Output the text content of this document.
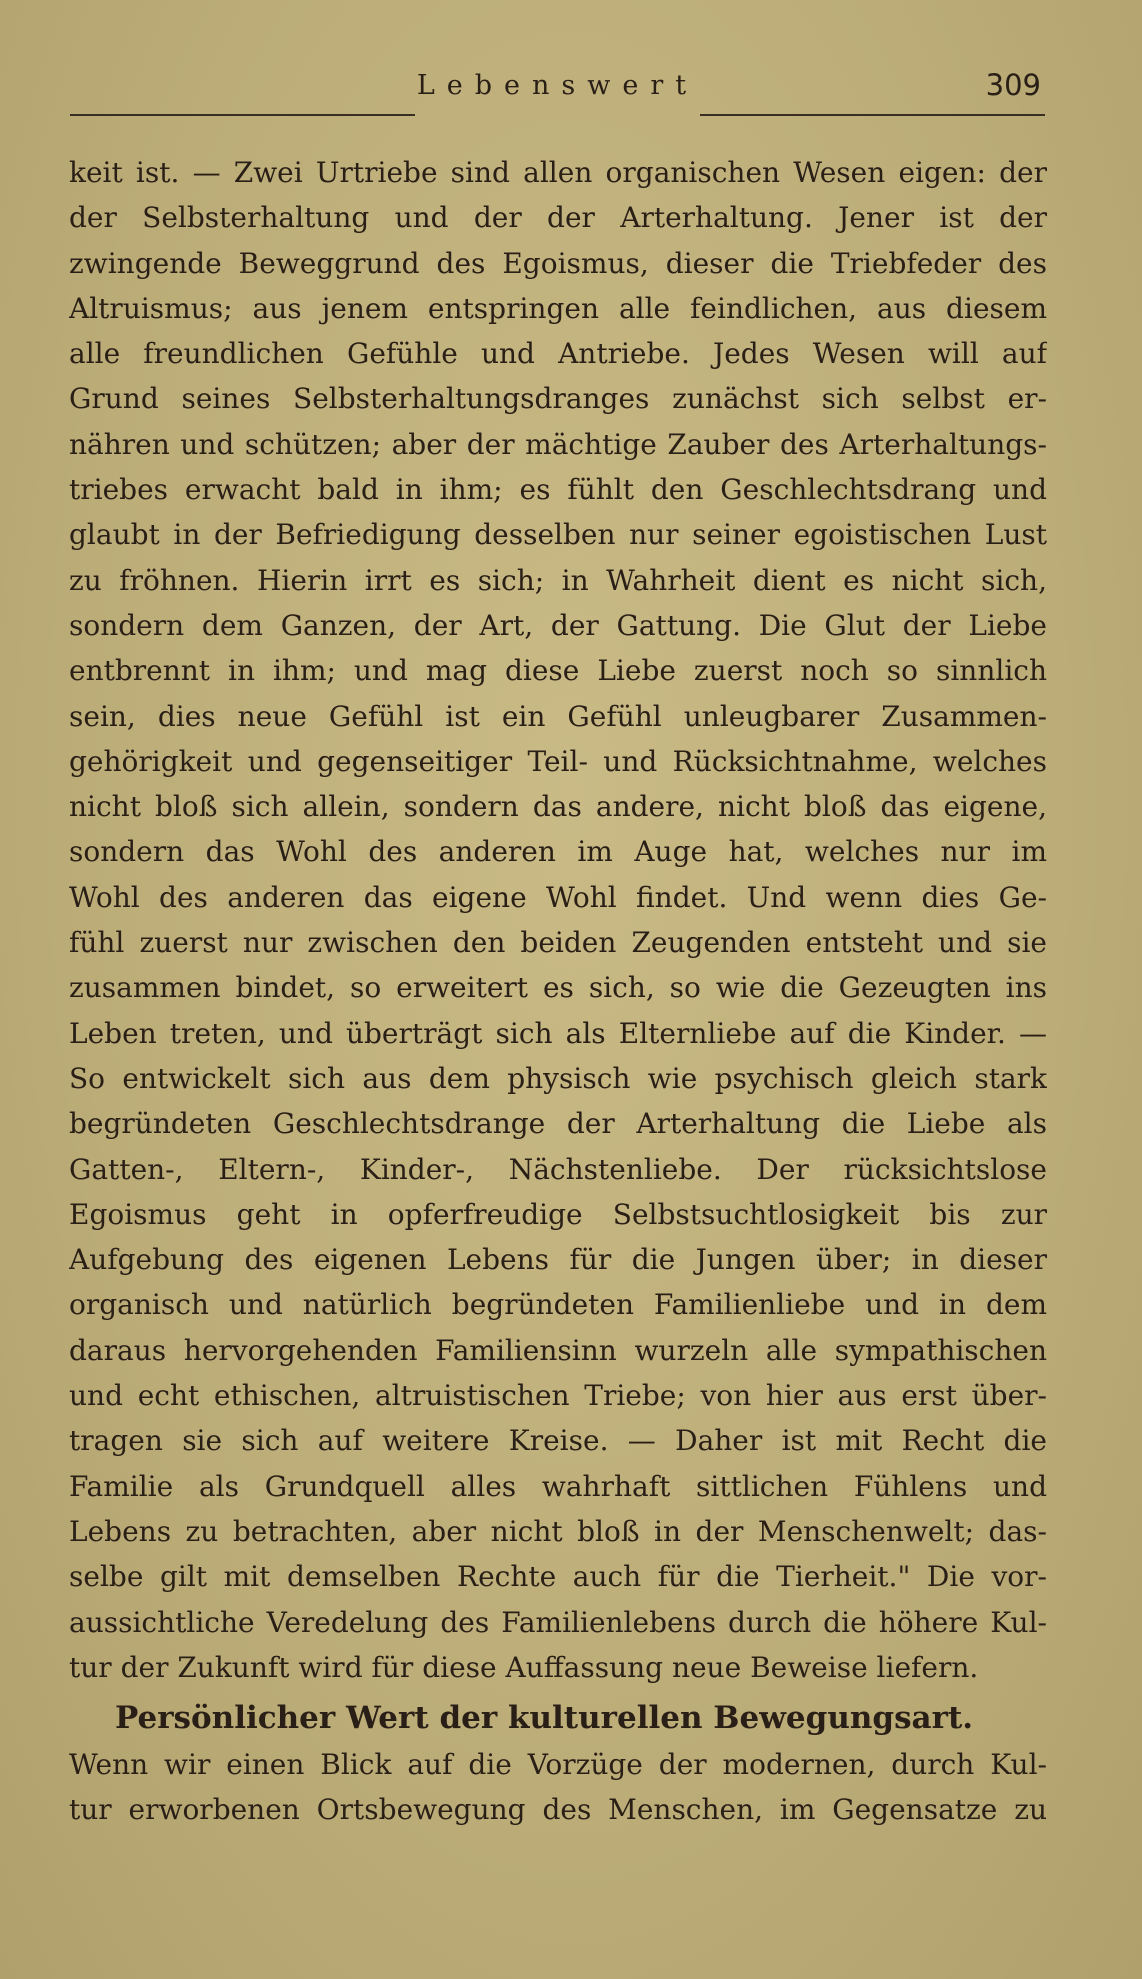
Lebenswert	309
keit ist. — Zwei Urtriebe sind allen organischen Wesen eigen: der
der Selbsterhaltung und der der Arterhaltung. Jener ist der
zwingende Beweggrund des Egoismus, dieser die Triebfeder des
Altruismus; aus jenem entspringen alle feindlichen, aus diesem
alle freundlichen Gefühle und Antriebe. Jedes Wesen will auf
Grund seines Selbsterhaltungsdranges zunächst sich selbst er-
nähren und schützen; aber der mächtige Zauber des Arterhaltungs-
triebes erwacht bald in ihm; es fühlt den Geschlechtsdrang und
glaubt in der Befriedigung desselben nur seiner egoistischen Lust
zu fröhnen. Hierin irrt es sich; in Wahrheit dient es nicht sich,
sondern dem Ganzen, der Art, der Gattung. Die Glut der Liebe
entbrennt in ihm; und mag diese Liebe zuerst noch so sinnlich
sein, dies neue Gefühl ist ein Gefühl unleugbarer Zusammen-
gehörigkeit und gegenseitiger Teil- und Rücksichtnahme, welches
nicht bloß sich allein, sondern das andere, nicht bloß das eigene,
sondern das Wohl des anderen im Auge hat, welches nur im
Wohl des anderen das eigene Wohl findet. Und wenn dies Ge-
fühl zuerst nur zwischen den beiden Zeugenden entsteht und sie
zusammen bindet, so erweitert es sich, so wie die Gezeugten ins
Leben treten, und überträgt sich als Elternliebe auf die Kinder. —
So entwickelt sich aus dem physisch wie psychisch gleich stark
begründeten Geschlechtsdrange der Arterhaltung die Liebe als
Gatten-, Eltern-, Kinder-, Nächstenliebe. Der rücksichtslose
Egoismus geht in opferfreudige Selbstsuchtlosigkeit bis zur
Aufgebung des eigenen Lebens für die Jungen über; in dieser
organisch und natürlich begründeten Familienliebe und in dem
daraus hervorgehenden Familiensinn wurzeln alle sympathischen
und echt ethischen, altruistischen Triebe; von hier aus erst über-
tragen sie sich auf weitere Kreise. — Daher ist mit Recht die
Familie als Grundquell alles wahrhaft sittlichen Fühlens und
Lebens zu betrachten, aber nicht bloß in der Menschenwelt; das-
selbe gilt mit demselben Rechte auch für die Tierheit." Die vor-
aussichtliche Veredelung des Familienlebens durch die höhere Kul-
tur der Zukunft wird für diese Auffassung neue Beweise liefern.
Persönlicher Wert der kulturellen Bewegungsart.
Wenn wir einen Blick auf die Vorzüge der modernen, durch Kul-
tur erworbenen Ortsbewegung des Menschen, im Gegensatze zu
